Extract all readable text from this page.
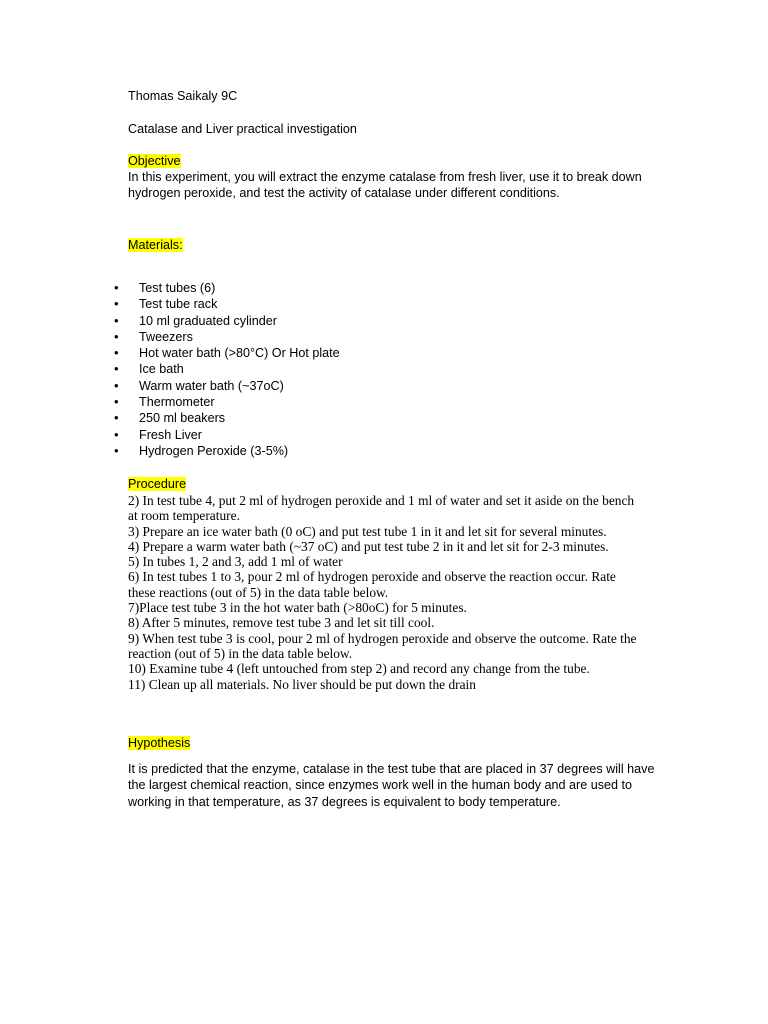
Thomas Saikaly 9C

Catalase and Liver practical investigation

Objective

In this experiment, you will extract the enzyme catalase from fresh liver, use it to break down

hydrogen peroxide, and test the activity of catalase under different conditions.

Materials:

• Test tubes (6)
• Test tube rack
• 10 ml graduated cylinder
• Tweezers
• Hot water bath (>80°C) Or Hot plate
• Ice bath
• Warm water bath (~37oC)
• Thermometer
• 250 ml beakers
• Fresh Liver
• Hydrogen Peroxide (3-5%)

Procedure

2) In test tube 4, put 2 ml of hydrogen peroxide and 1 ml of water and set it aside on the bench

at room temperature.

3) Prepare an ice water bath (0 oC) and put test tube 1 in it and let sit for several minutes.

4) Prepare a warm water bath (~37 oC) and put test tube 2 in it and let sit for 2-3 minutes.

5) In tubes 1, 2 and 3, add 1 ml of water

6) In test tubes 1 to 3, pour 2 ml of hydrogen peroxide and observe the reaction occur. Rate

these reactions (out of 5) in the data table below.

7)Place test tube 3 in the hot water bath (>80oC) for 5 minutes.

8) After 5 minutes, remove test tube 3 and let sit till cool.

9) When test tube 3 is cool, pour 2 ml of hydrogen peroxide and observe the outcome. Rate the

reaction (out of 5) in the data table below.

10) Examine tube 4 (left untouched from step 2) and record any change from the tube.

11) Clean up all materials. No liver should be put down the drain

Hypothesis

It is predicted that the enzyme, catalase in the test tube that are placed in 37 degrees will have

the largest chemical reaction, since enzymes work well in the human body and are used to

working in that temperature, as 37 degrees is equivalent to body temperature.
